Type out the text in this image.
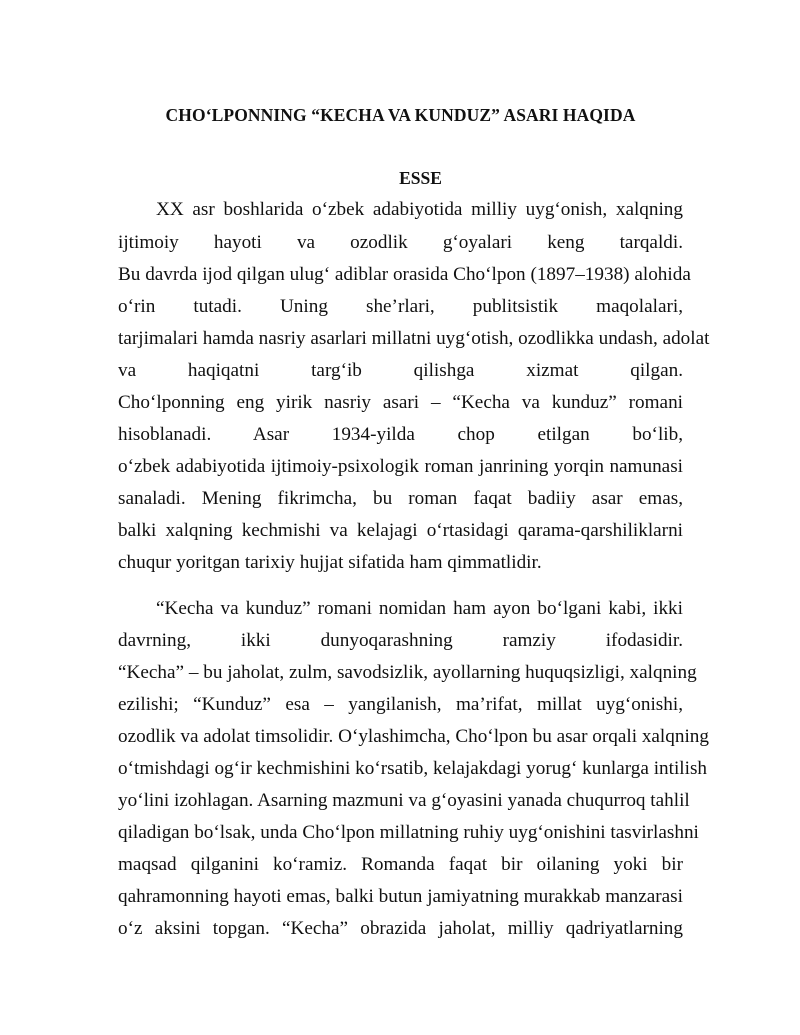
CHO‘LPONNING “KECHA VA KUNDUZ” ASARI HAQIDA
ESSE
XX asr boshlarida o‘zbek adabiyotida milliy uyg‘onish, xalqning
ijtimoiy hayoti va ozodlik g‘oyalari keng tarqaldi.
Bu davrda ijod qilgan ulug‘ adiblar orasida Cho‘lpon (1897–1938) alohida
o‘rin tutadi. Uning she’rlari, publitsistik maqolalari,
tarjimalari hamda nasriy asarlari millatni uyg‘otish, ozodlikka undash, adolat
va haqiqatni targ‘ib qilishga xizmat qilgan.
Cho‘lponning eng yirik nasriy asari – “Kecha va kunduz” romani
hisoblanadi. Asar 1934-yilda chop etilgan bo‘lib,
o‘zbek adabiyotida ijtimoiy-psixologik roman janrining yorqin namunasi
sanaladi. Mening fikrimcha, bu roman faqat badiiy asar emas,
balki xalqning kechmishi va kelajagi o‘rtasidagi qarama-qarshiliklarni
chuqur yoritgan tarixiy hujjat sifatida ham qimmatlidir.
“Kecha va kunduz” romani nomidan ham ayon bo‘lgani kabi, ikki
davrning, ikki dunyoqarashning ramziy ifodasidir.
“Kecha” – bu jaholat, zulm, savodsizlik, ayollarning huquqsizligi, xalqning
ezilishi; “Kunduz” esa – yangilanish, ma’rifat, millat uyg‘onishi,
ozodlik va adolat timsolidir. O‘ylashimcha, Cho‘lpon bu asar orqali xalqning
o‘tmishdagi og‘ir kechmishini ko‘rsatib, kelajakdagi yorug‘ kunlarga intilish
yo‘lini izohlagan. Asarning mazmuni va g‘oyasini yanada chuqurroq tahlil
qiladigan bo‘lsak, unda Cho‘lpon millatning ruhiy uyg‘onishini tasvirlashni
maqsad qilganini ko‘ramiz. Romanda faqat bir oilaning yoki bir
qahramonning hayoti emas, balki butun jamiyatning murakkab manzarasi
o‘z aksini topgan. “Kecha” obrazida jaholat, milliy qadriyatlarning
